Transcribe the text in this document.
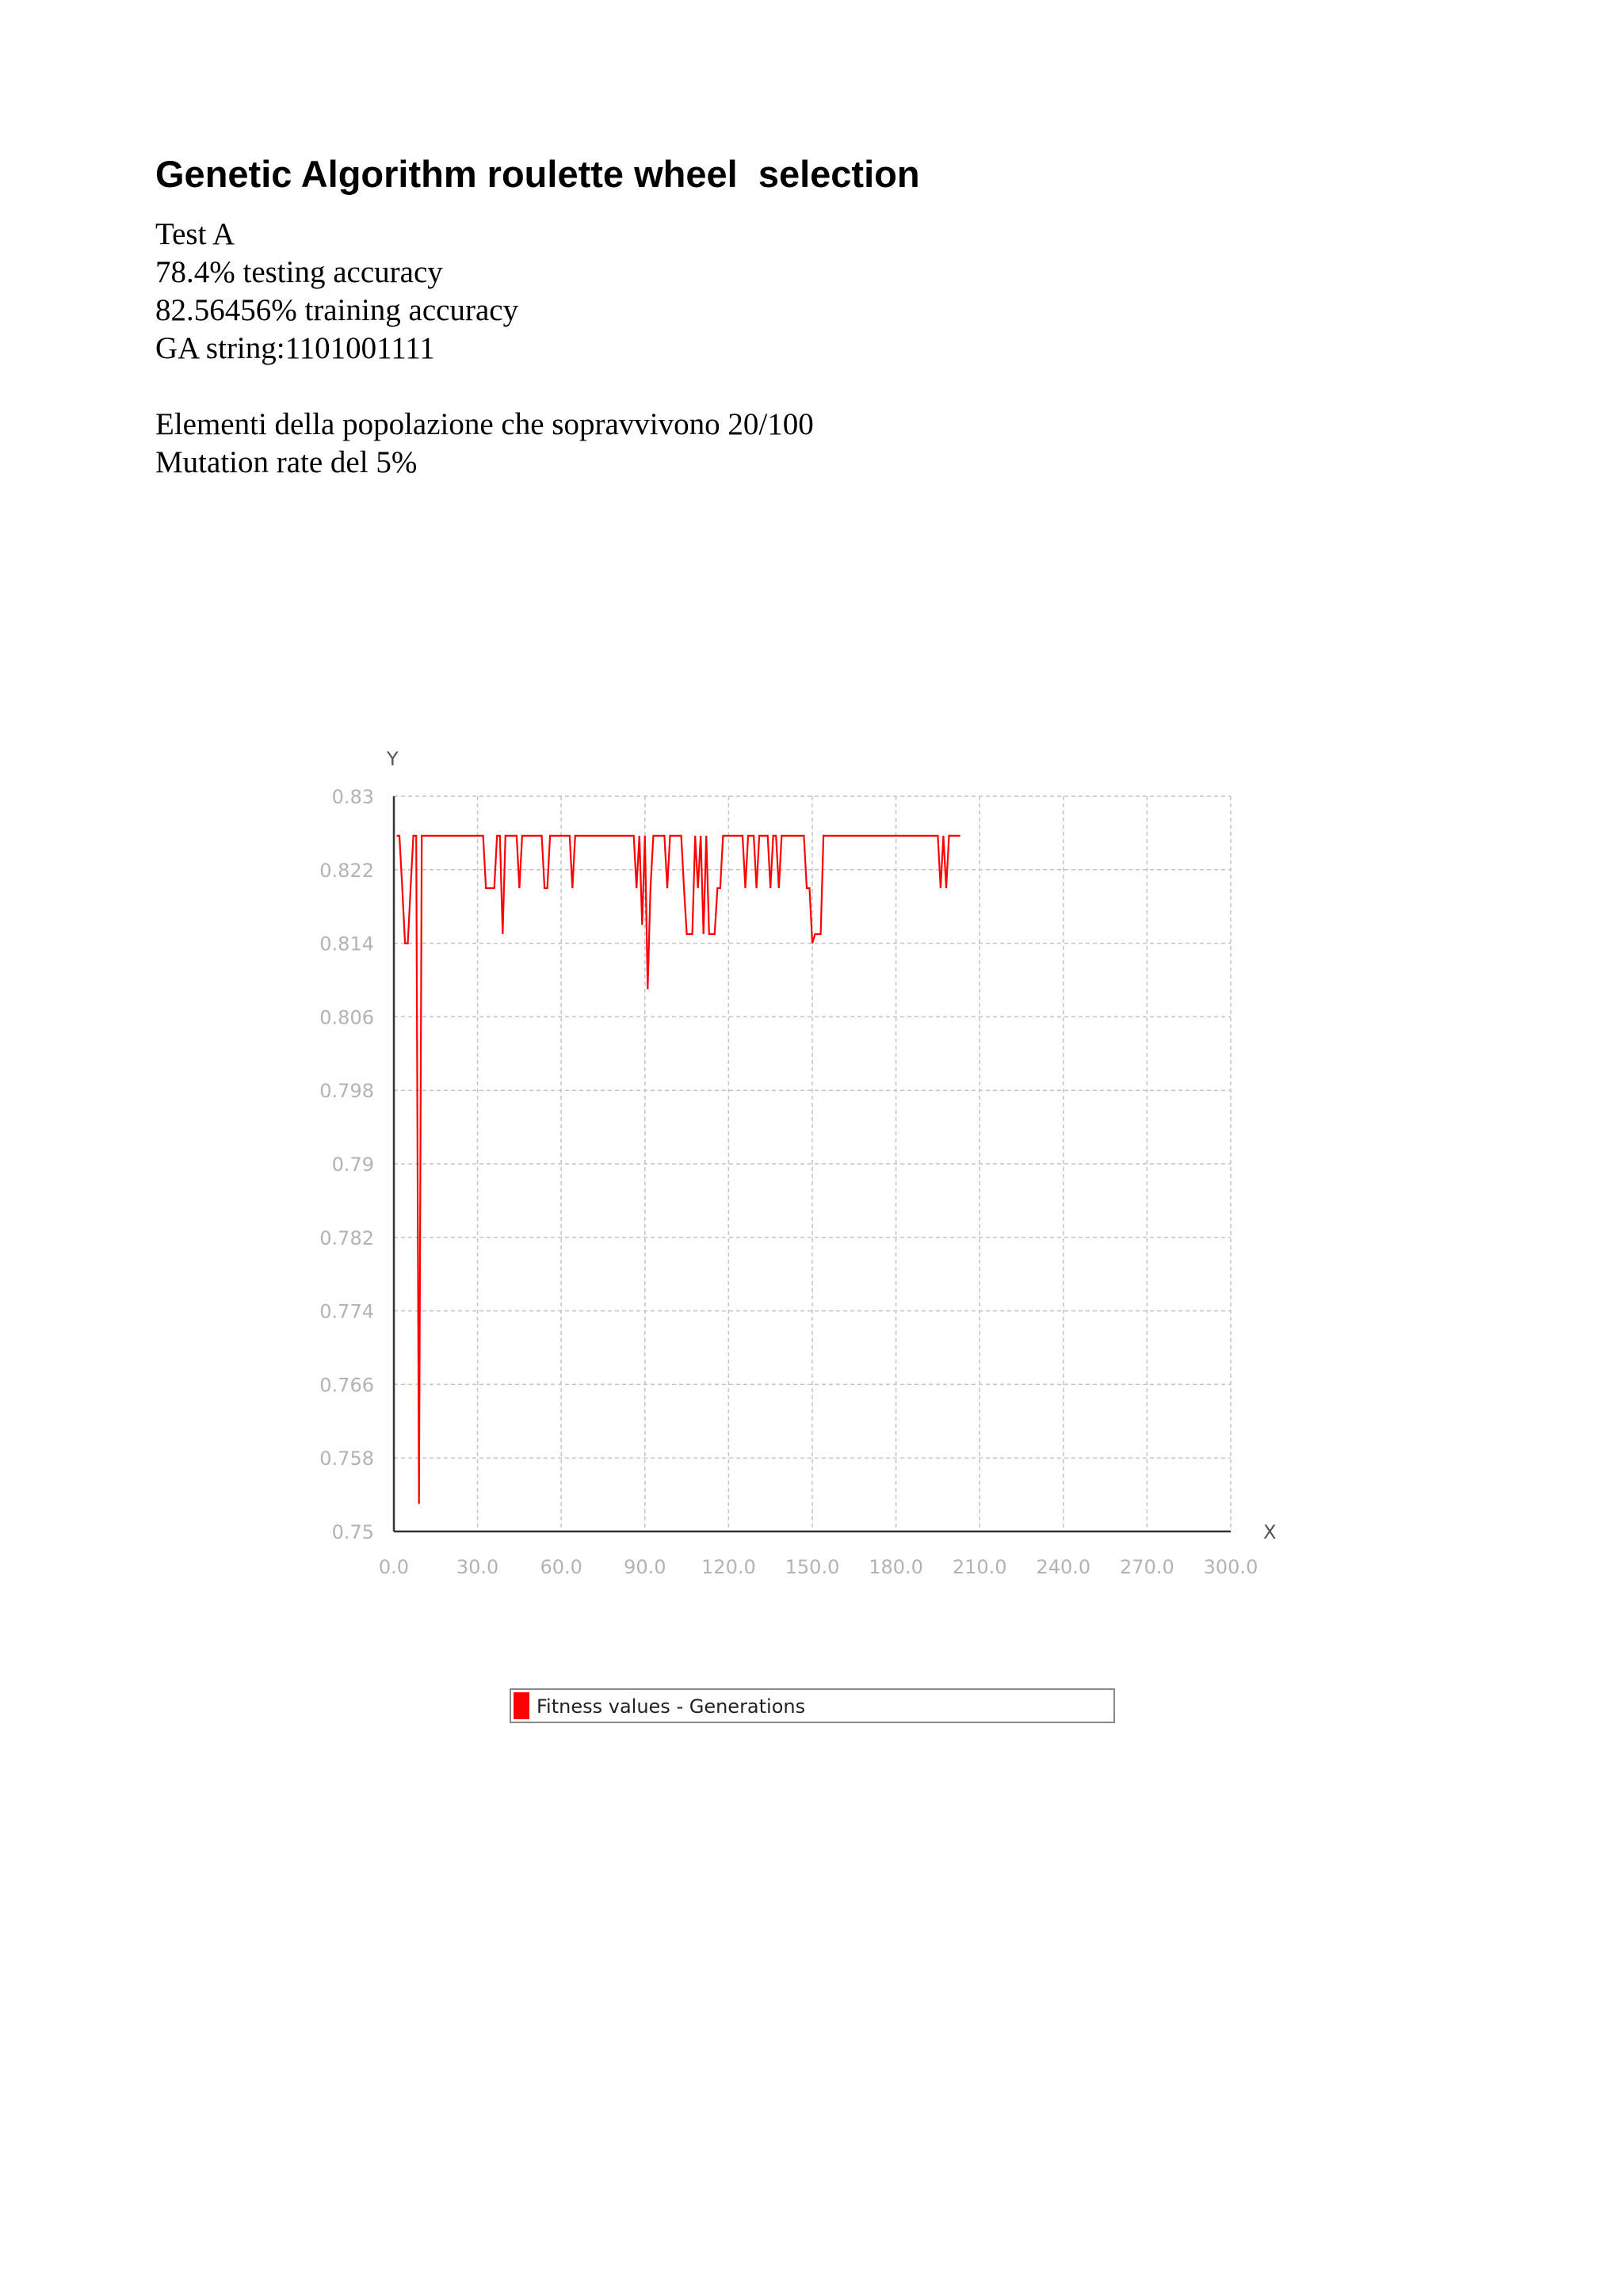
Genetic Algorithm roulette wheel  selection
Test A
78.4% testing accuracy
82.56456% training accuracy
GA string:1101001111
Elementi della popolazione che sopravvivono 20/100
Mutation rate del 5%
0.0 30.0 60.0 90.0 120.0 150.0 180.0 210.0 240.0 270.0 300.0
0.83
0.822
0.814
0.806
0.798
0.79
0.782
0.774
0.766
0.758
0.75
Y
X
Fitness values - Generations
